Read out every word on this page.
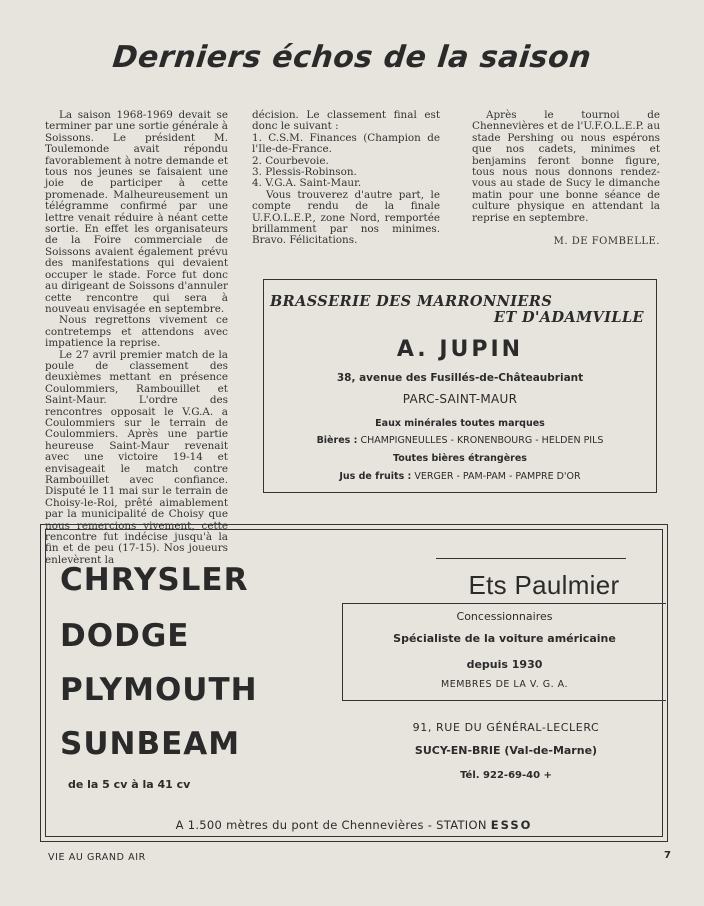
Derniers échos de la saison

La saison 1968-1969 devait se terminer par une sortie générale à Soissons. Le président M. Toulemonde avait répondu favorablement à notre demande et tous nos jeunes se faisaient une joie de participer à cette promenade. Malheureusement un télégramme confirmé par une lettre venait réduire à néant cette sortie. En effet les organisateurs de la Foire commerciale de Soissons avaient également prévu des manifestations qui devaient occuper le stade. Force fut donc au dirigeant de Soissons d'annuler cette rencontre qui sera à nouveau envisagée en septembre.

Nous regrettons vivement ce contretemps et attendons avec impatience la reprise.

Le 27 avril premier match de la poule de classement des deuxièmes mettant en présence Coulommiers, Rambouillet et Saint-Maur. L'ordre des rencontres opposait le V.G.A. a Coulommiers sur le terrain de Coulommiers. Après une partie heureuse Saint-Maur revenait avec une victoire 19-14 et envisageait le match contre Rambouillet avec confiance. Disputé le 11 mai sur le terrain de Choisy-le-Roi, prêté aimablement par la municipalité de Choisy que nous remercions vivement, cette rencontre fut indécise jusqu'à la fin et de peu (17-15). Nos joueurs enlevèrent la

décision. Le classement final est donc le suivant :

1. C.S.M. Finances (Champion de l'Ile-de-France.

2. Courbevoie.

3. Plessis-Robinson.

4. V.G.A. Saint-Maur.

Vous trouverez d'autre part, le compte rendu de la finale U.F.O.L.E.P., zone Nord, remportée brillamment par nos minimes. Bravo. Félicitations.

Après le tournoi de Chennevières et de l'U.F.O.L.E.P. au stade Pershing ou nous espérons que nos cadets, minimes et benjamins feront bonne figure, tous nous nous donnons rendez-vous au stade de Sucy le dimanche matin pour une bonne séance de culture physique en attendant la reprise en septembre.

M. DE FOMBELLE.

BRASSERIE DES MARRONNIERS
ET D'ADAMVILLE
A. JUPIN
38, avenue des Fusillés-de-Châteaubriant
PARC-SAINT-MAUR
Eaux minérales toutes marques
Bières : CHAMPIGNEULLES - KRONENBOURG - HELDEN PILS
Toutes bières étrangères
Jus de fruits : VERGER - PAM-PAM - PAMPRE D'OR
CHRYSLER
DODGE
PLYMOUTH
SUNBEAM
de la 5 cv à la 41 cv
Concessionnaires
Spécialiste de la voiture américaine
depuis 1930
MEMBRES DE LA V. G. A.
Ets Paulmier
91, RUE DU GÉNÉRAL-LECLERC
SUCY-EN-BRIE (Val-de-Marne)
Tél. 922-69-40 +
A 1.500 mètres du pont de Chennevières - STATION ESSO
VIE AU GRAND AIR	7
